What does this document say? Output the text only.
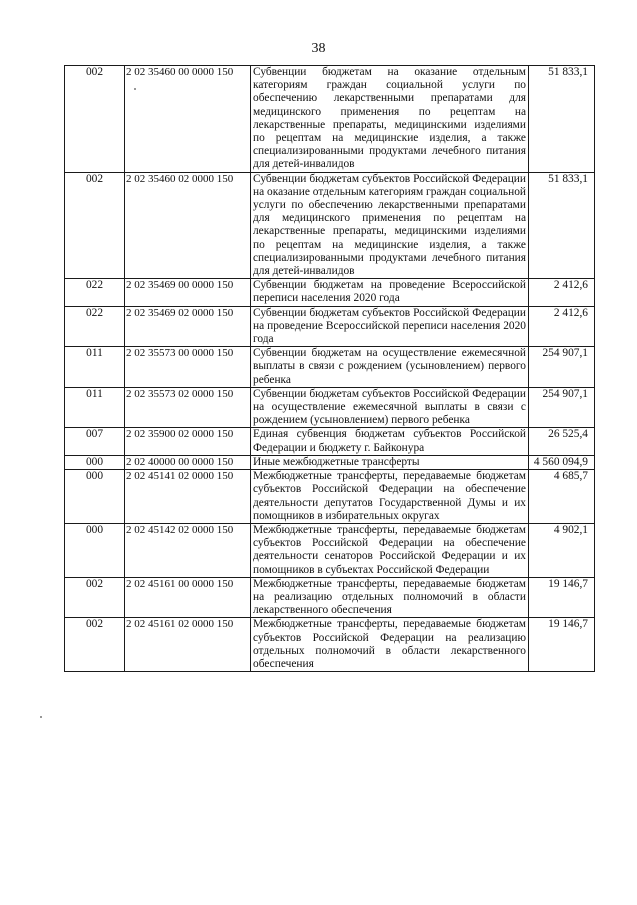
38
002	2 02 35460 00 0000 150	Субвенции бюджетам на оказание отдельным категориям граждан социальной услуги по обеспечению лекарственными препаратами для медицинского применения по рецептам на лекарственные препараты, медицинскими изделиями по рецептам на медицинские изделия, а также специализированными продуктами лечебного питания для детей-инвалидов	51 833,1
002	2 02 35460 02 0000 150	Субвенции бюджетам субъектов Российской Федерации на оказание отдельным категориям граждан социальной услуги по обеспечению лекарственными препаратами для медицинского применения по рецептам на лекарственные препараты, медицинскими изделиями по рецептам на медицинские изделия, а также специализированными продуктами лечебного питания для детей-инвалидов	51 833,1
022	2 02 35469 00 0000 150	Субвенции бюджетам на проведение Всероссийской переписи населения 2020 года	2 412,6
022	2 02 35469 02 0000 150	Субвенции бюджетам субъектов Российской Федерации на проведение Всероссийской переписи населения 2020 года	2 412,6
011	2 02 35573 00 0000 150	Субвенции бюджетам на осуществление ежемесячной выплаты в связи с рождением (усыновлением) первого ребенка	254 907,1
011	2 02 35573 02 0000 150	Субвенции бюджетам субъектов Российской Федерации на осуществление ежемесячной выплаты в связи с рождением (усыновлением) первого ребенка	254 907,1
007	2 02 35900 02 0000 150	Единая субвенция бюджетам субъектов Российской Федерации и бюджету г. Байконура	26 525,4
000	2 02 40000 00 0000 150	Иные межбюджетные трансферты	4 560 094,9
000	2 02 45141 02 0000 150	Межбюджетные трансферты, передаваемые бюджетам субъектов Российской Федерации на обеспечение деятельности депутатов Государственной Думы и их помощников в избирательных округах	4 685,7
000	2 02 45142 02 0000 150	Межбюджетные трансферты, передаваемые бюджетам субъектов Российской Федерации на обеспечение деятельности сенаторов Российской Федерации и их помощников в субъектах Российской Федерации	4 902,1
002	2 02 45161 00 0000 150	Межбюджетные трансферты, передаваемые бюджетам на реализацию отдельных полномочий в области лекарственного обеспечения	19 146,7
002	2 02 45161 02 0000 150	Межбюджетные трансферты, передаваемые бюджетам субъектов Российской Федерации на реализацию отдельных полномочий в области лекарственного обеспечения	19 146,7
